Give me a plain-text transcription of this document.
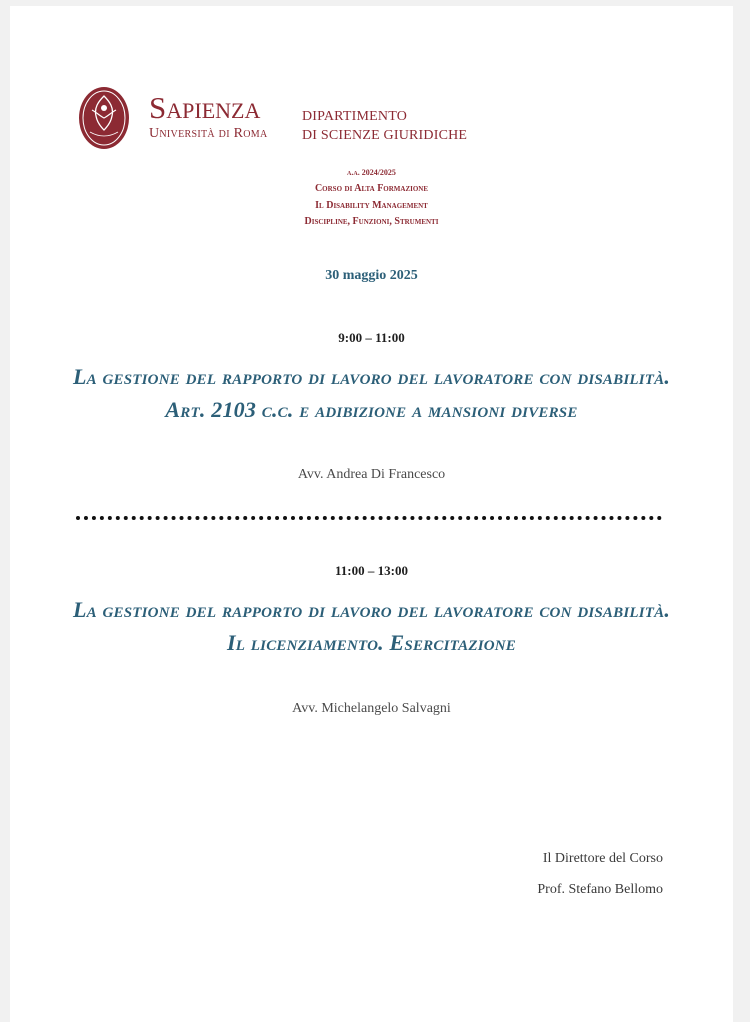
Sapienza
Università di Roma
DIPARTIMENTO
DI SCIENZE GIURIDICHE
a.a. 2024/2025
Corso di Alta Formazione
Il Disability Management
Discipline, Funzioni, Strumenti
30 maggio 2025
9:00 – 11:00
La gestione del rapporto di lavoro del lavoratore con disabilità. Art. 2103 c.c. e adibizione a mansioni diverse
Avv. Andrea Di Francesco
11:00 – 13:00
La gestione del rapporto di lavoro del lavoratore con disabilità. Il licenziamento. Esercitazione
Avv. Michelangelo Salvagni
Il Direttore del Corso
Prof. Stefano Bellomo
